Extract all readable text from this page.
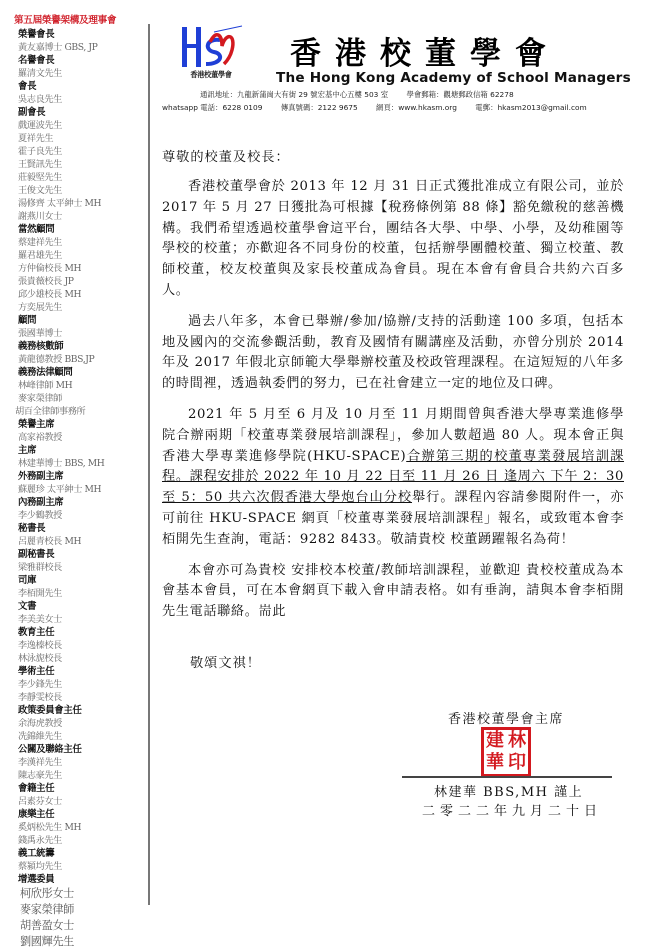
第五屆榮譽架構及理事會
榮譽會長
黃友嘉博士 GBS, JP
名譽會長
羅清文先生
會長
吳志良先生
副會長
戲運波先生
夏祥先生
霍子良先生
王賢訊先生
莊毅堅先生
王俊文先生
湯修齊 太平紳士 MH
謝燕川女士
當然顧問
蔡建祥先生
羅君雄先生
方仲倫校長 MH
張貴薇校長 JP
邱少雄校長 MH
方奕展先生
顧問
張國華博士
義務核數師
黃龍德教授 BBS,JP
義務法律顧問
林峰律師 MH
麥家榮律師
胡百全律師事務所
榮譽主席
高家裕教授
主席
林建華博士 BBS, MH
外務副主席
蘇麗珍 太平紳士 MH
內務副主席
李少鶴教授
秘書長
呂麗青校長 MH
副秘書長
梁雅群校長
司庫
李栢開先生
文書
李美美女士
教育主任
李逸榛校長
林泳旎校長
學術主任
李少鋒先生
李靜雯校長
政策委員會主任
余海虎教授
冼錦維先生
公關及聯絡主任
李漢祥先生
陳志豪先生
會籍主任
呂素芬女士
康樂主任
奚炳松先生 MH
錢禹永先生
義工統籌
蔡潁均先生
增選委員
柯欣彤女士
麥家榮律師
胡善盈女士
劉國輝先生
香港校董學會
香港校董學會
The Hong Kong Academy of School Managers
通訊地址：九龍新蒲崗大有街 29 號宏基中心五樓 503 室 學會郵箱：觀塘郵政信箱 62278
whatsapp 電話：6228 0109 傳真號碼：2122 9675 網頁：www.hkasm.org 電郵：hkasm2013@gmail.com
尊敬的校董及校長：

香港校董學會於 2013 年 12 月 31 日正式獲批准成立有限公司，並於 2017 年 5 月 27 日獲批為可根據【稅務條例第 88 條】豁免繳稅的慈善機構。我們希望透過校董學會這平台，團结各大學、中學、小學，及幼稚園等學校的校董；亦歡迎各不同身份的校董，包括辦學團體校董、獨立校董、教師校董，校友校董與及家長校董成為會員。現在本會有會員合共約六百多人。

過去八年多，本會已舉辦/參加/協辦/支持的活動達 100 多項，包括本地及國內的交流參觀活動，教育及國情有關講座及活動，亦曾分別於 2014 年及 2017 年假北京師範大學舉辦校董及校政管理課程。在這短短的八年多的時間裡，透過執委們的努力，已在社會建立一定的地位及口碑。

2021 年 5 月至 6 月及 10 月至 11 月期間曾與香港大學專業進修學院合辦兩期「校董專業發展培訓課程」，參加人數超過 80 人。現本會正與香港大學專業進修學院(HKU-SPACE)合辦第三期的校董專業發展培訓課程。課程安排於 2022 年 10 月 22 日至 11 月 26 日 逢周六 下午 2：30 至 5：50 共六次假香港大學炮台山分校舉行。課程內容請參閱附件一，亦可前往 HKU-SPACE 網頁「校董專業發展培訓課程」報名，或致電本會李栢開先生查詢，電話：9282 8433。敬請貴校 校董踴躍報名為荷！

本會亦可為貴校 安排校本校董/教師培訓課程，並歡迎 貴校校董成為本會基本會員，可在本會網頁下載入會申請表格。如有垂詢，請與本會李栢開先生電話聯絡。耑此

敬頌文祺！
香港校董學會主席
建 林
華 印
林建華 BBS,MH 謹上
二零二二年九月二十日
